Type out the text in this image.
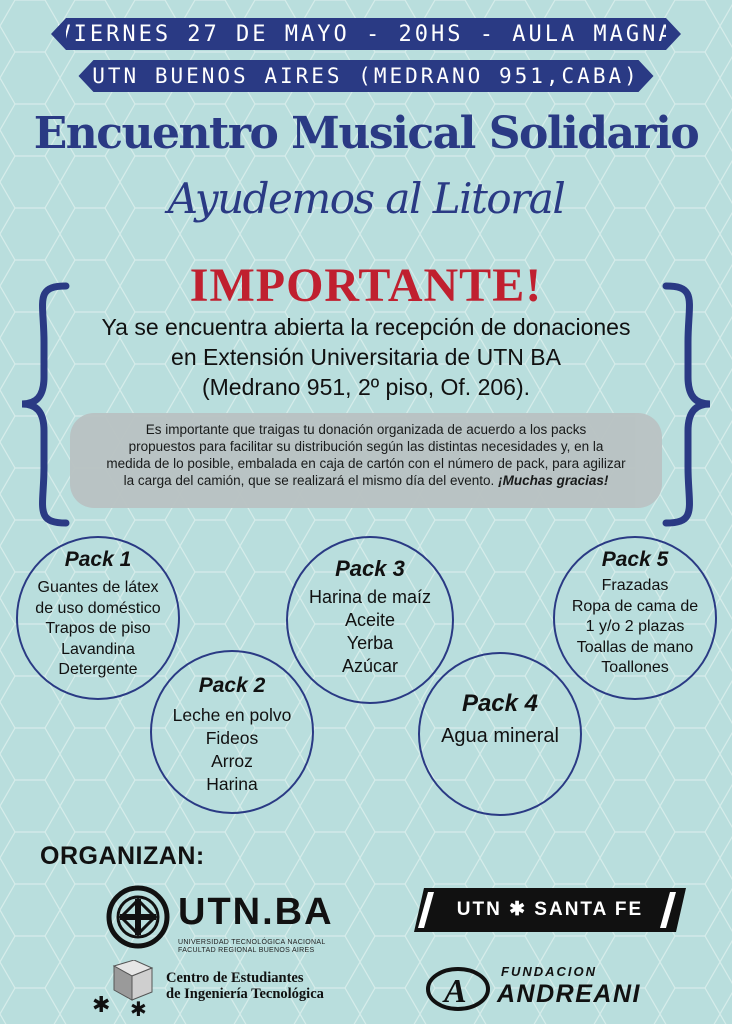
VIERNES 27 DE MAYO - 20HS - AULA MAGNA
UTN BUENOS AIRES (MEDRANO 951,CABA)
Encuentro Musical Solidario
Ayudemos al Litoral
IMPORTANTE!
Ya se encuentra abierta la recepción de donaciones
en Extensión Universitaria de UTN BA
(Medrano 951, 2º piso, Of. 206).
Es importante que traigas tu donación organizada de acuerdo a los packs
propuestos para facilitar su distribución según las distintas necesidades y, en la
medida de lo posible, embalada en caja de cartón con el número de pack, para agilizar
la carga del camión, que se realizará el mismo día del evento. ¡Muchas gracias!
Pack 1
Guantes de látex
de uso doméstico
Trapos de piso
Lavandina
Detergente
Pack 3
Harina de maíz
Aceite
Yerba
Azúcar
Pack 5
Frazadas
Ropa de cama de
1 y/o 2 plazas
Toallas de mano
Toallones
Pack 2
Leche en polvo
Fideos
Arroz
Harina
Pack 4
Agua mineral
ORGANIZAN:
UTN.BA
UNIVERSIDAD TECNOLÓGICA NACIONAL
FACULTAD REGIONAL BUENOS AIRES
UTN ✱ SANTA FE
✱ ✱
Centro de Estudiantes
de Ingeniería Tecnológica	A
FUNDACION
ANDREANI
